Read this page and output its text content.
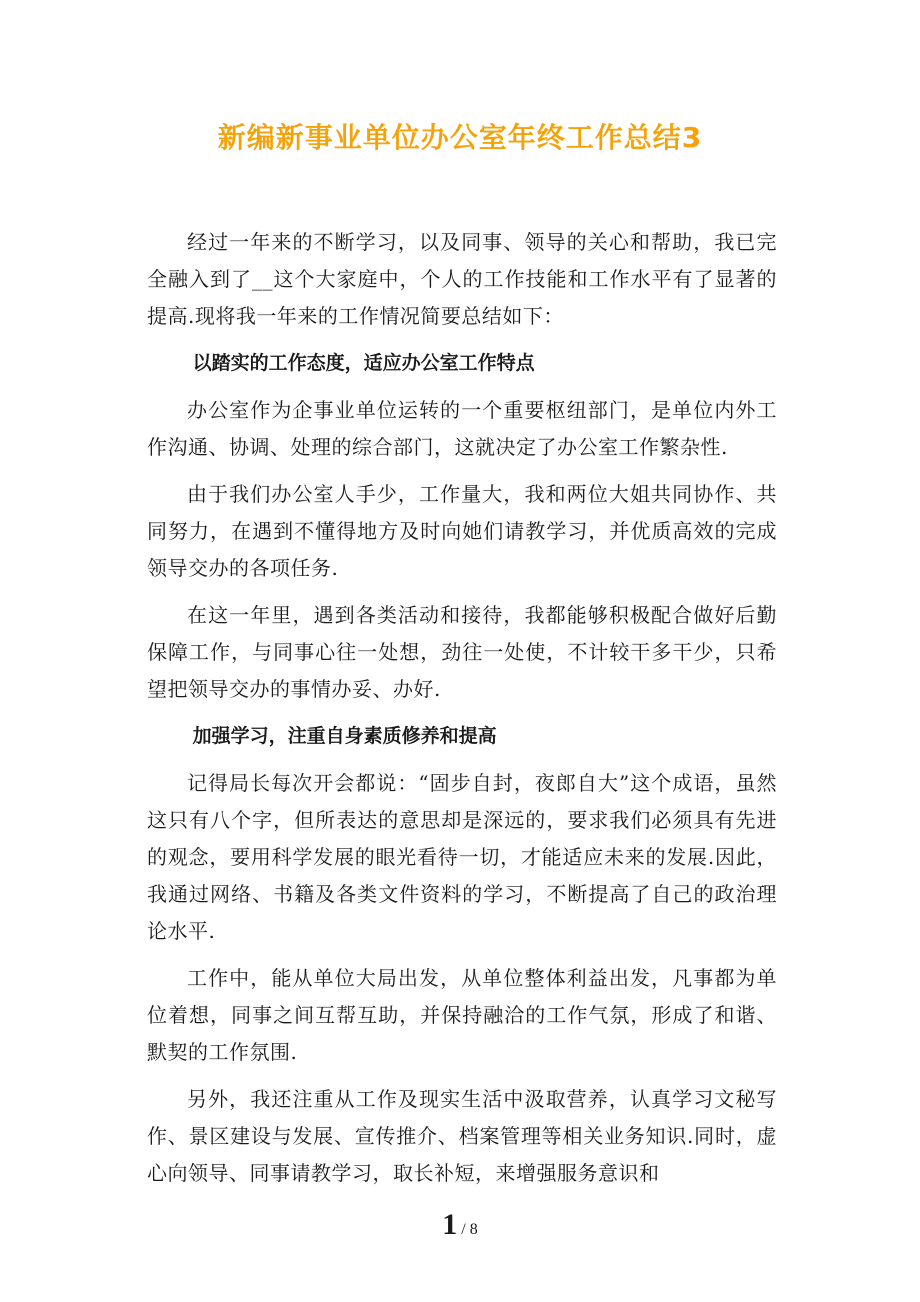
新编新事业单位办公室年终工作总结3

经过一年来的不断学习，以及同事、领导的关心和帮助，我已完全融入到了__这个大家庭中，个人的工作技能和工作水平有了显著的提高.现将我一年来的工作情况简要总结如下：

以踏实的工作态度，适应办公室工作特点

办公室作为企事业单位运转的一个重要枢纽部门，是单位内外工作沟通、协调、处理的综合部门，这就决定了办公室工作繁杂性.

由于我们办公室人手少，工作量大，我和两位大姐共同协作、共同努力，在遇到不懂得地方及时向她们请教学习，并优质高效的完成领导交办的各项任务.

在这一年里，遇到各类活动和接待，我都能够积极配合做好后勤保障工作，与同事心往一处想，劲往一处使，不计较干多干少，只希望把领导交办的事情办妥、办好.

加强学习，注重自身素质修养和提高

记得局长每次开会都说：“固步自封，夜郎自大”这个成语，虽然这只有八个字，但所表达的意思却是深远的，要求我们必须具有先进的观念，要用科学发展的眼光看待一切，才能适应未来的发展.因此，我通过网络、书籍及各类文件资料的学习，不断提高了自己的政治理论水平.

工作中，能从单位大局出发，从单位整体利益出发，凡事都为单位着想，同事之间互帮互助，并保持融洽的工作气氛，形成了和谐、默契的工作氛围.

另外，我还注重从工作及现实生活中汲取营养，认真学习文秘写作、景区建设与发展、宣传推介、档案管理等相关业务知识.同时，虚心向领导、同事请教学习，取长补短，来增强服务意识和

1 / 8
